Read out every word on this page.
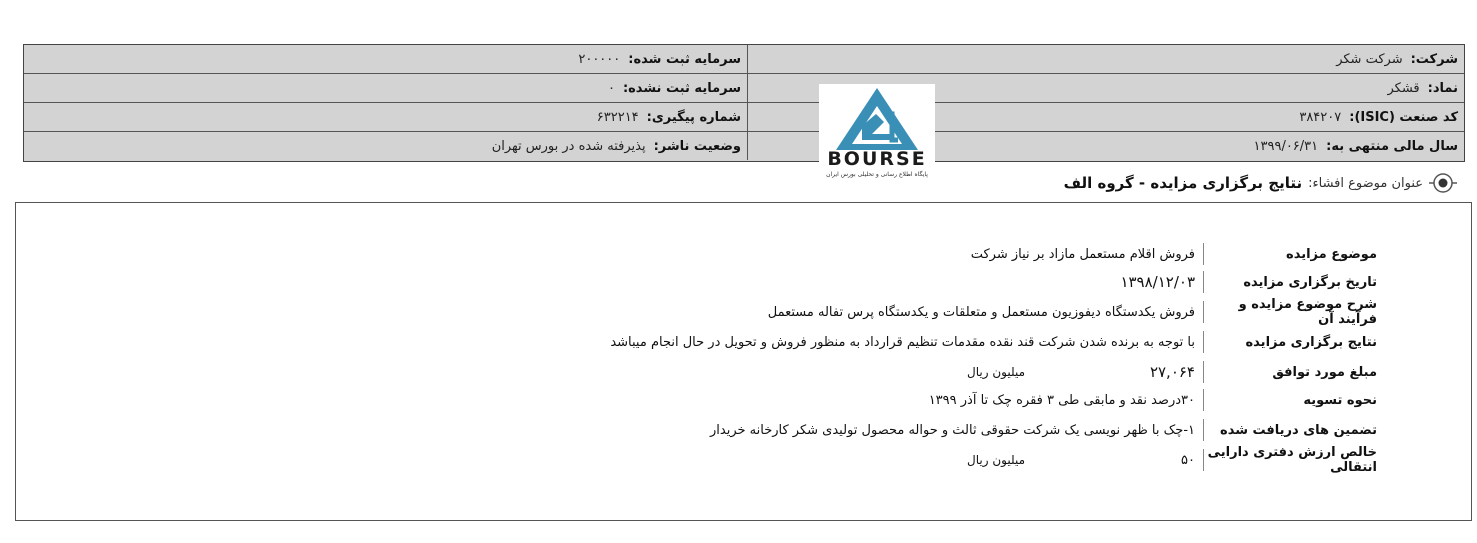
شرکت:
شرکت شکر
سرمایه ثبت شده:
۲۰۰۰۰۰
نماد:
قشکر
سرمایه ثبت نشده:
۰
کد صنعت (ISIC):
۳۸۴۲۰۷
شماره پیگیری:
۶۳۲۲۱۴
سال مالی منتهی به:
۱۳۹۹/۰۶/۳۱
وضعیت ناشر:
پذیرفته شده در بورس تهران
BOURSE
پایگاه اطلاع رسانی و تحلیلی بورس ایران
عنوان موضوع افشاء:
نتایج برگزاری مزایده - گروه الف
موضوع مزایده
فروش اقلام مستعمل مازاد بر نیاز شرکت
تاریخ برگزاری مزایده
۱۳۹۸/۱۲/۰۳
شرح موضوع مزایده و فرآیند آن
فروش یکدستگاه دیفوزیون مستعمل و متعلقات و یکدستگاه پرس تفاله مستعمل
نتایج برگزاری مزایده
با توجه به برنده شدن شرکت قند نقده مقدمات تنظیم قرارداد به منظور فروش و تحویل در حال انجام میباشد
مبلغ مورد توافق
۲۷,۰۶۴
میلیون ریال
نحوه تسویه
۳۰درصد نقد و مابقی طی ۳ فقره چک تا آذر ۱۳۹۹
تضمین های دریافت شده
۱-چک با ظهر نویسی یک شرکت حقوقی ثالث و حواله محصول تولیدی شکر کارخانه خریدار
خالص ارزش دفتری دارایی انتقالی
۵۰
میلیون ریال
